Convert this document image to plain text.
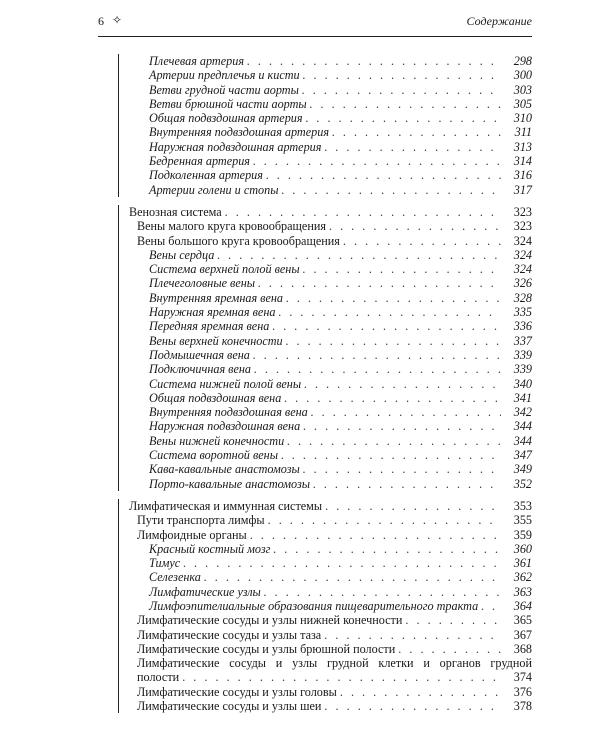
6 ✧	Содержание
Плечевая артерия . . .	298
Артерии предплечья и кисти . . .	300
Ветви грудной части аорты . . .	303
Ветви брюшной части аорты . . .	305
Общая подвздошная артерия . . .	310
Внутренняя подвздошная артерия . . .	311
Наружная подвздошная артерия . . .	313
Бедренная артерия . . .	314
Подколенная артерия . . .	316
Артерии голени и стопы . . .	317
Венозная система . . .	323
Вены малого круга кровообращения . . .	323
Вены большого круга кровообращения . . .	324
Вены сердца . . .	324
Система верхней полой вены . . .	324
Плечеголовные вены . . .	326
Внутренняя яремная вена . . .	328
Наружная яремная вена . . .	335
Передняя яремная вена . . .	336
Вены верхней конечности . . .	337
Подмышечная вена . . .	339
Подключичная вена . . .	339
Система нижней полой вены . . .	340
Общая подвздошная вена . . .	341
Внутренняя подвздошная вена . . .	342
Наружная подвздошная вена . . .	344
Вены нижней конечности . . .	344
Система воротной вены . . .	347
Кава-кавальные анастомозы . . .	349
Порто-кавальные анастомозы . . .	352
Лимфатическая и иммунная системы . . .	353
Пути транспорта лимфы . . .	355
Лимфоидные органы . . .	359
Красный костный мозг . . .	360
Тимус . . .	361
Селезенка . . .	362
Лимфатические узлы . . .	363
Лимфоэпителиальные образования пищеварительного тракта . . .	364
Лимфатические сосуды и узлы нижней конечности . . .	365
Лимфатические сосуды и узлы таза . . .	367
Лимфатические сосуды и узлы брюшной полости . . .	368
Лимфатические сосуды и узлы грудной клетки и органов грудной
полости . . .	374
Лимфатические сосуды и узлы головы . . .	376
Лимфатические сосуды и узлы шеи . . .	378
